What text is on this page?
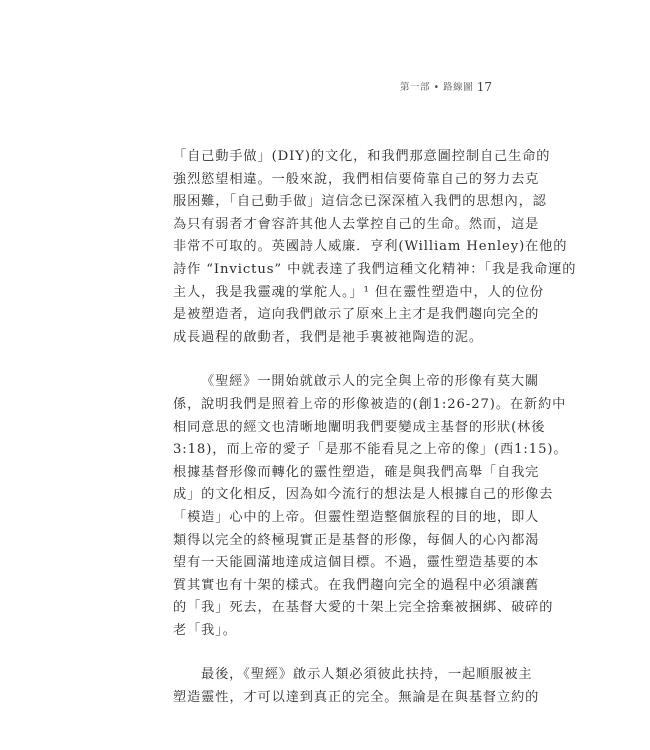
第一部 • 路線圖 17
「自己動手做」(DIY)的文化，和我們那意圖控制自己生命的
強烈慾望相違。一般來說，我們相信要倚靠自己的努力去克
服困難，「自己動手做」這信念已深深植入我們的思想內，認
為只有弱者才會容許其他人去掌控自己的生命。然而，這是
非常不可取的。英國詩人威廉．亨利(William Henley)在他的
詩作 “Invictus” 中就表達了我們這種文化精神：「我是我命運的
主人，我是我靈魂的掌舵人。」¹ 但在靈性塑造中，人的位份
是被塑造者，這向我們啟示了原來上主才是我們趨向完全的
成長過程的啟動者，我們是祂手裏被祂陶造的泥。
《聖經》一開始就啟示人的完全與上帝的形像有莫大關
係，說明我們是照着上帝的形像被造的(創1:26-27)。在新約中
相同意思的經文也清晰地闡明我們要變成主基督的形狀(林後
3:18)，而上帝的愛子「是那不能看見之上帝的像」(西1:15)。
根據基督形像而轉化的靈性塑造，確是與我們高舉「自我完
成」的文化相反，因為如今流行的想法是人根據自己的形像去
「模造」心中的上帝。但靈性塑造整個旅程的目的地，即人
類得以完全的終極現實正是基督的形像，每個人的心內都渴
望有一天能圓滿地達成這個目標。不過，靈性塑造基要的本
質其實也有十架的樣式。在我們趨向完全的過程中必須讓舊
的「我」死去，在基督大愛的十架上完全捨棄被捆綁、破碎的
老「我」。
最後，《聖經》啟示人類必須彼此扶持，一起順服被主
塑造靈性，才可以達到真正的完全。無論是在與基督立約的
